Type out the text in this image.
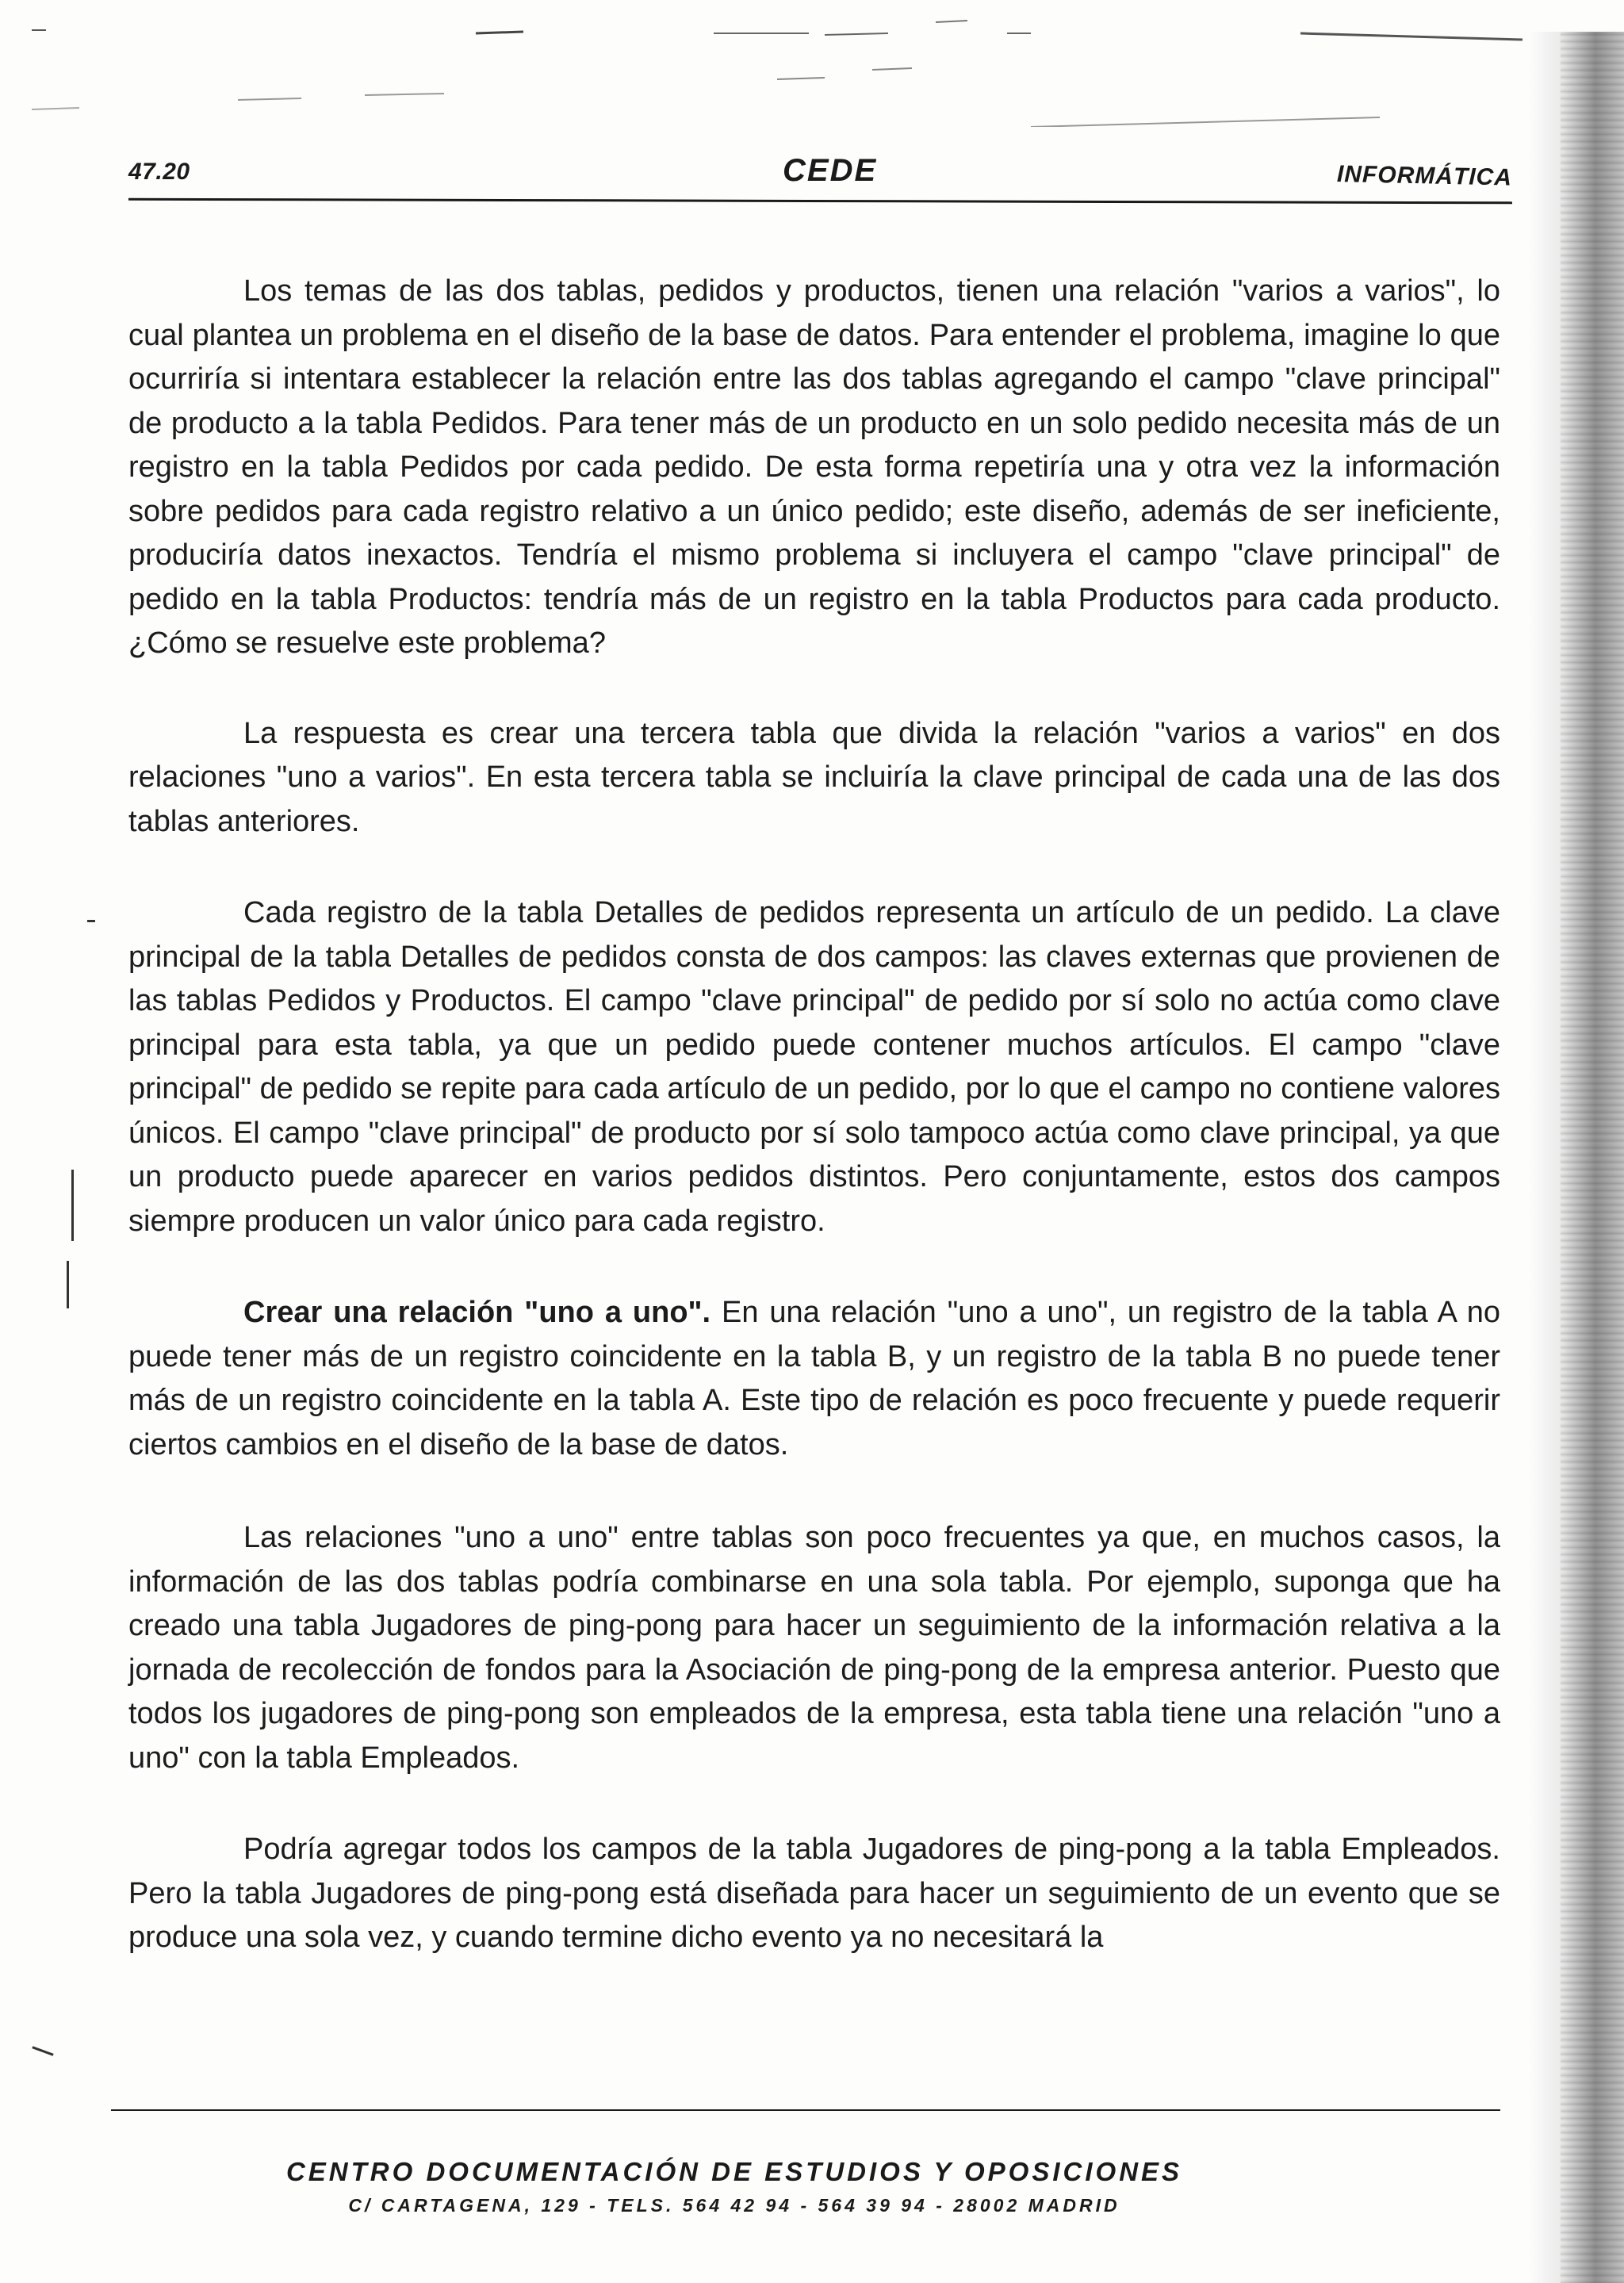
47.20	CEDE	INFORMÁTICA

Los temas de las dos tablas, pedidos y productos, tienen una relación "varios a varios", lo cual plantea un problema en el diseño de la base de datos. Para entender el problema, imagine lo que ocurriría si intentara establecer la relación entre las dos tablas agregando el campo "clave principal" de producto a la tabla Pedidos. Para tener más de un producto en un solo pedido necesita más de un registro en la tabla Pedidos por cada pedido. De esta forma repetiría una y otra vez la información sobre pedidos para cada registro relativo a un único pedido; este diseño, además de ser ineficiente, produciría datos inexactos. Tendría el mismo problema si incluyera el campo "clave principal" de pedido en la tabla Productos: tendría más de un registro en la tabla Productos para cada producto. ¿Cómo se resuelve este problema?

La respuesta es crear una tercera tabla que divida la relación "varios a varios" en dos relaciones "uno a varios". En esta tercera tabla se incluiría la clave principal de cada una de las dos tablas anteriores.

Cada registro de la tabla Detalles de pedidos representa un artículo de un pedido. La clave principal de la tabla Detalles de pedidos consta de dos campos: las claves externas que provienen de las tablas Pedidos y Productos. El campo "clave principal" de pedido por sí solo no actúa como clave principal para esta tabla, ya que un pedido puede contener muchos artículos. El campo "clave principal" de pedido se repite para cada artículo de un pedido, por lo que el campo no contiene valores únicos. El campo "clave principal" de producto por sí solo tampoco actúa como clave principal, ya que un producto puede aparecer en varios pedidos distintos. Pero conjuntamente, estos dos campos siempre producen un valor único para cada registro.

Crear una relación "uno a uno". En una relación "uno a uno", un registro de la tabla A no puede tener más de un registro coincidente en la tabla B, y un registro de la tabla B no puede tener más de un registro coincidente en la tabla A. Este tipo de relación es poco frecuente y puede requerir ciertos cambios en el diseño de la base de datos.

Las relaciones "uno a uno" entre tablas son poco frecuentes ya que, en muchos casos, la información de las dos tablas podría combinarse en una sola tabla. Por ejemplo, suponga que ha creado una tabla Jugadores de ping-pong para hacer un seguimiento de la información relativa a la jornada de recolección de fondos para la Asociación de ping-pong de la empresa anterior. Puesto que todos los jugadores de ping-pong son empleados de la empresa, esta tabla tiene una relación "uno a uno" con la tabla Empleados.

Podría agregar todos los campos de la tabla Jugadores de ping-pong a la tabla Empleados. Pero la tabla Jugadores de ping-pong está diseñada para hacer un seguimiento de un evento que se produce una sola vez, y cuando termine dicho evento ya no necesitará la

CENTRO DOCUMENTACIÓN DE ESTUDIOS Y OPOSICIONES
C/ CARTAGENA, 129 - TELS. 564 42 94 - 564 39 94 - 28002 MADRID
